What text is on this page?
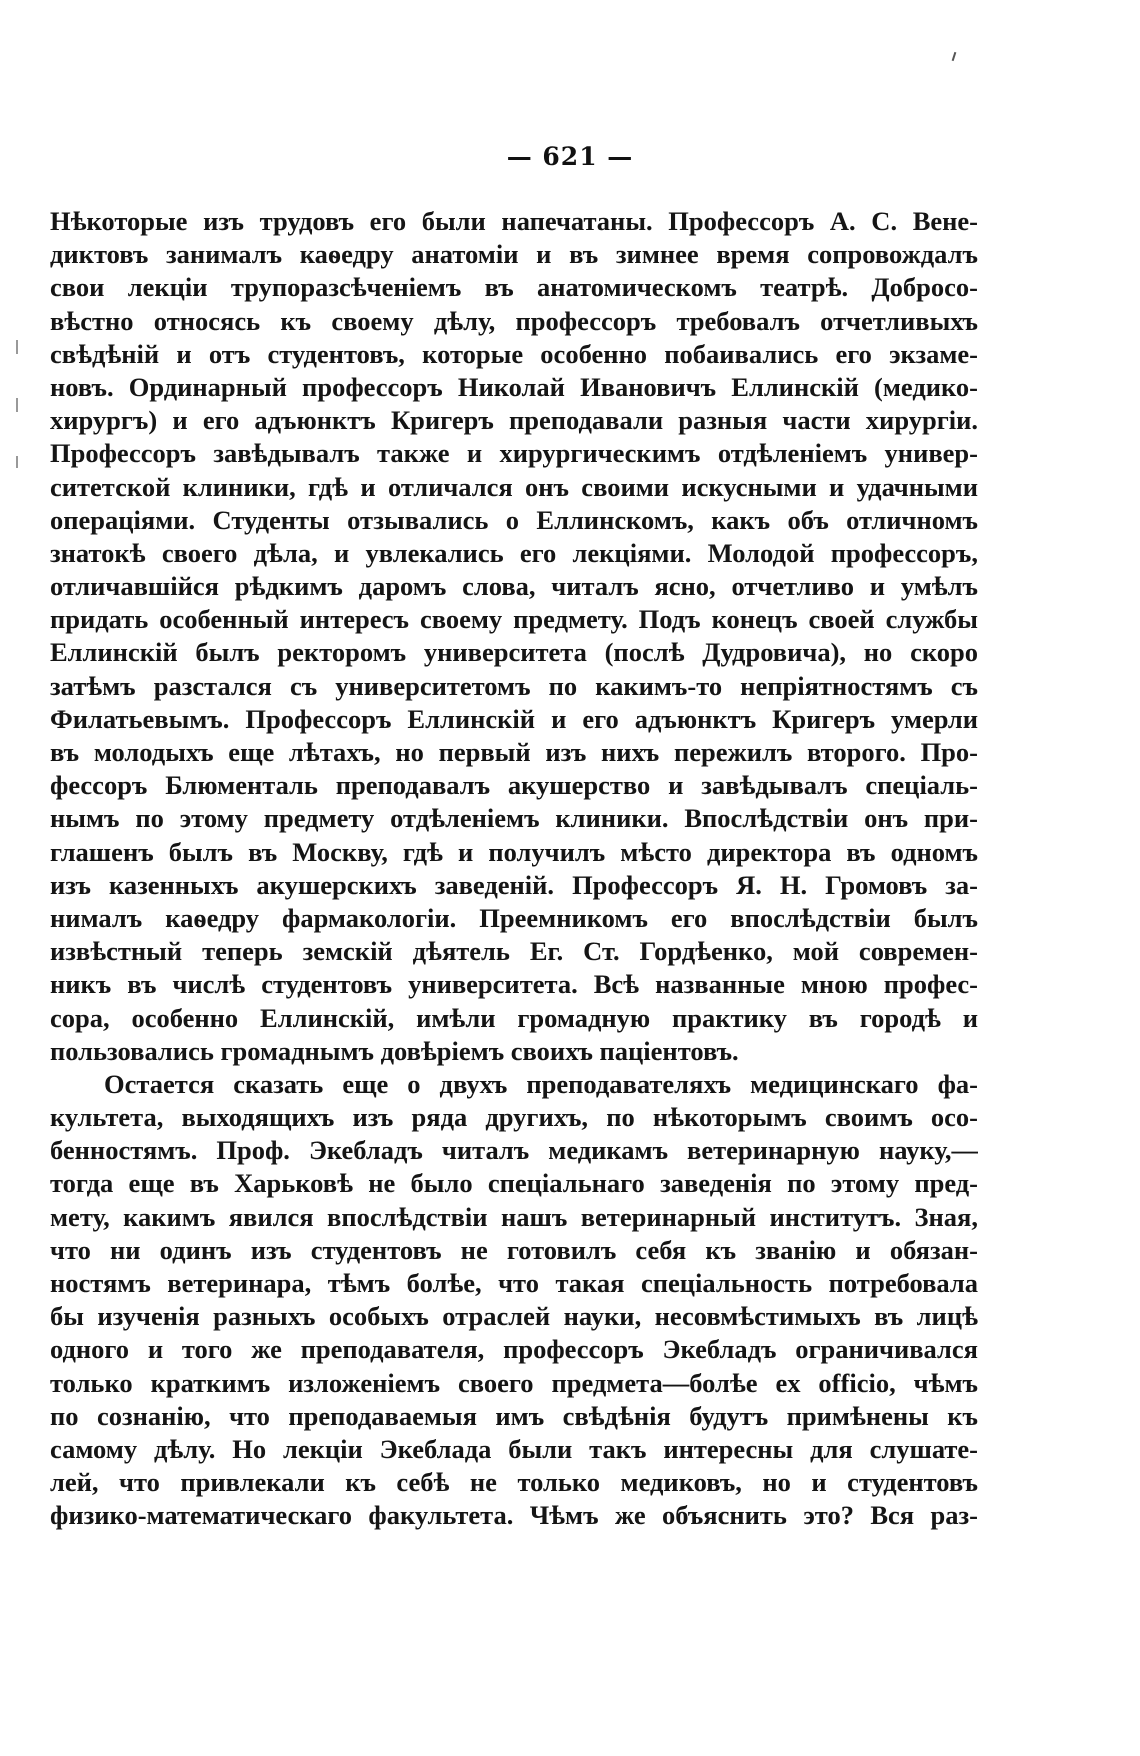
— 621 —
Нѣкоторые изъ трудовъ его были напечатаны. Профессоръ А. С. Вене-
диктовъ занималъ каѳедру анатоміи и въ зимнее время сопровождалъ
свои лекціи трупоразсѣченіемъ въ анатомическомъ театрѣ. Добросо-
вѣстно относясь къ своему дѣлу, профессоръ требовалъ отчетливыхъ
свѣдѣній и отъ студентовъ, которые особенно побаивались его экзаме-
новъ. Ординарный профессоръ Николай Ивановичъ Еллинскій (медико-
хирургъ) и его адъюнктъ Кригеръ преподавали разныя части хирургіи.
Профессоръ завѣдывалъ также и хирургическимъ отдѣленіемъ универ-
ситетской клиники, гдѣ и отличался онъ своими искусными и удачными
операціями. Студенты отзывались о Еллинскомъ, какъ объ отличномъ
знатокѣ своего дѣла, и увлекались его лекціями. Молодой профессоръ,
отличавшійся рѣдкимъ даромъ слова, читалъ ясно, отчетливо и умѣлъ
придать особенный интересъ своему предмету. Подъ конецъ своей службы
Еллинскій былъ ректоромъ университета (послѣ Дудровича), но скоро
затѣмъ разстался съ университетомъ по какимъ-то непріятностямъ съ
Филатьевымъ. Профессоръ Еллинскій и его адъюнктъ Кригеръ умерли
въ молодыхъ еще лѣтахъ, но первый изъ нихъ пережилъ второго. Про-
фессоръ Блюменталь преподавалъ акушерство и завѣдывалъ спеціаль-
нымъ по этому предмету отдѣленіемъ клиники. Впослѣдствіи онъ при-
глашенъ былъ въ Москву, гдѣ и получилъ мѣсто директора въ одномъ
изъ казенныхъ акушерскихъ заведеній. Профессоръ Я. Н. Громовъ за-
нималъ каѳедру фармакологіи. Преемникомъ его впослѣдствіи былъ
извѣстный теперь земскій дѣятель Ег. Ст. Гордѣенко, мой современ-
никъ въ числѣ студентовъ университета. Всѣ названные мною профес-
сора, особенно Еллинскій, имѣли громадную практику въ городѣ и
пользовались громаднымъ довѣріемъ своихъ паціентовъ.
Остается сказать еще о двухъ преподавателяхъ медицинскаго фа-
культета, выходящихъ изъ ряда другихъ, по нѣкоторымъ своимъ осо-
бенностямъ. Проф. Экебладъ читалъ медикамъ ветеринарную науку,—
тогда еще въ Харьковѣ не было спеціальнаго заведенія по этому пред-
мету, какимъ явился впослѣдствіи нашъ ветеринарный институтъ. Зная,
что ни одинъ изъ студентовъ не готовилъ себя къ званію и обязан-
ностямъ ветеринара, тѣмъ болѣе, что такая спеціальность потребовала
бы изученія разныхъ особыхъ отраслей науки, несовмѣстимыхъ въ лицѣ
одного и того же преподавателя, профессоръ Экебладъ ограничивался
только краткимъ изложеніемъ своего предмета—болѣе ex officio, чѣмъ
по сознанію, что преподаваемыя имъ свѣдѣнія будутъ примѣнены къ
самому дѣлу. Но лекціи Экеблада были такъ интересны для слушате-
лей, что привлекали къ себѣ не только медиковъ, но и студентовъ
физико-математическаго факультета. Чѣмъ же объяснить это? Вся раз-
